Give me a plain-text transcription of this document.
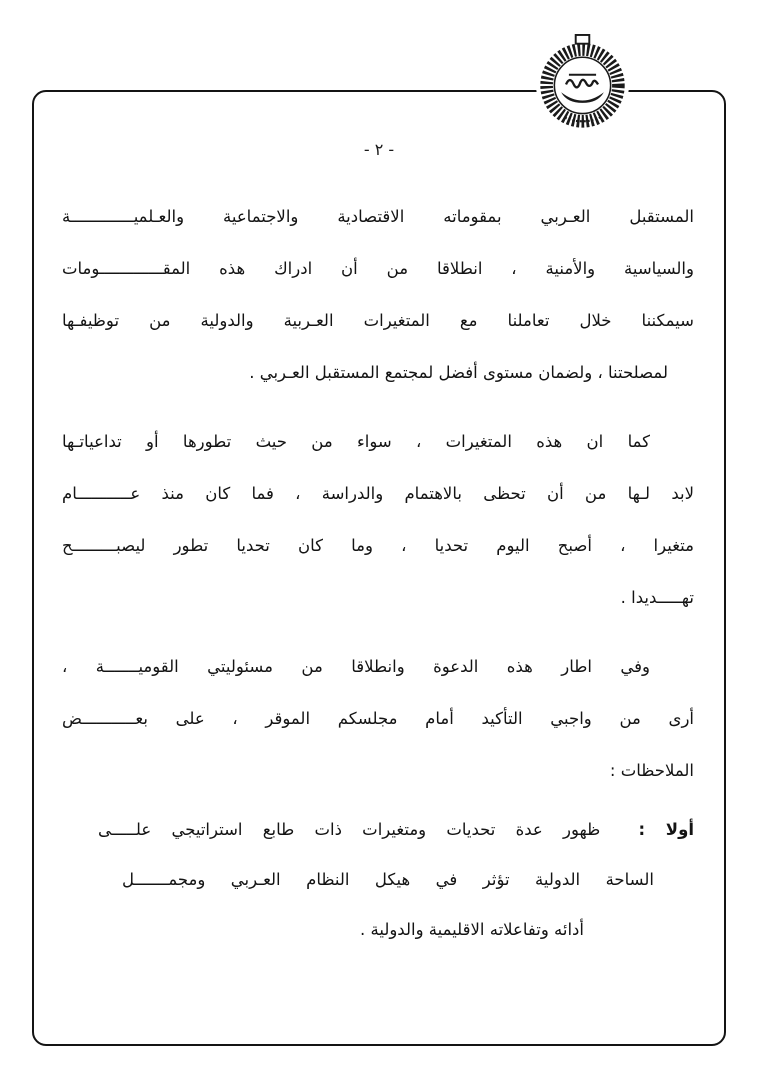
- ٢ -
المستقبل العـربي بمقوماته الاقتصادية والاجتماعية والعـلميـــــــــــــة
والسياسية والأمنية ، انطلاقا من أن ادراك هذه المقـــــــــــــومات
سيمكننا خلال تعاملنا مع المتغيرات العـربية والدولية من توظيفـها
لمصلحتنا ، ولضمان مستوى أفضل لمجتمع المستقبل العـربي .
كما ان هذه المتغيرات ، سواء من حيث تطورها أو تداعياتـها
لابد لـها من أن تحظى بالاهتمام والدراسة ، فما كان منذ عـــــــــــام
متغيرا ، أصبح اليوم تحديا ، وما كان تحديا تطور ليصبـــــــــح
تهـــــديدا .
وفي اطار هذه الدعوة وانطلاقا من مسئوليتي القوميـــــــة ،
أرى من واجبي التأكيد أمام مجلسكم الموقر ، على بعـــــــــــض
الملاحظات :
أولا : ظهور عدة تحديات ومتغيرات ذات طابع استراتيجي علـــــى
الساحة الدولية تؤثر في هيكل النظام العـربي ومجمـــــــل
أدائه وتفاعلاته الاقليمية والدولية .
